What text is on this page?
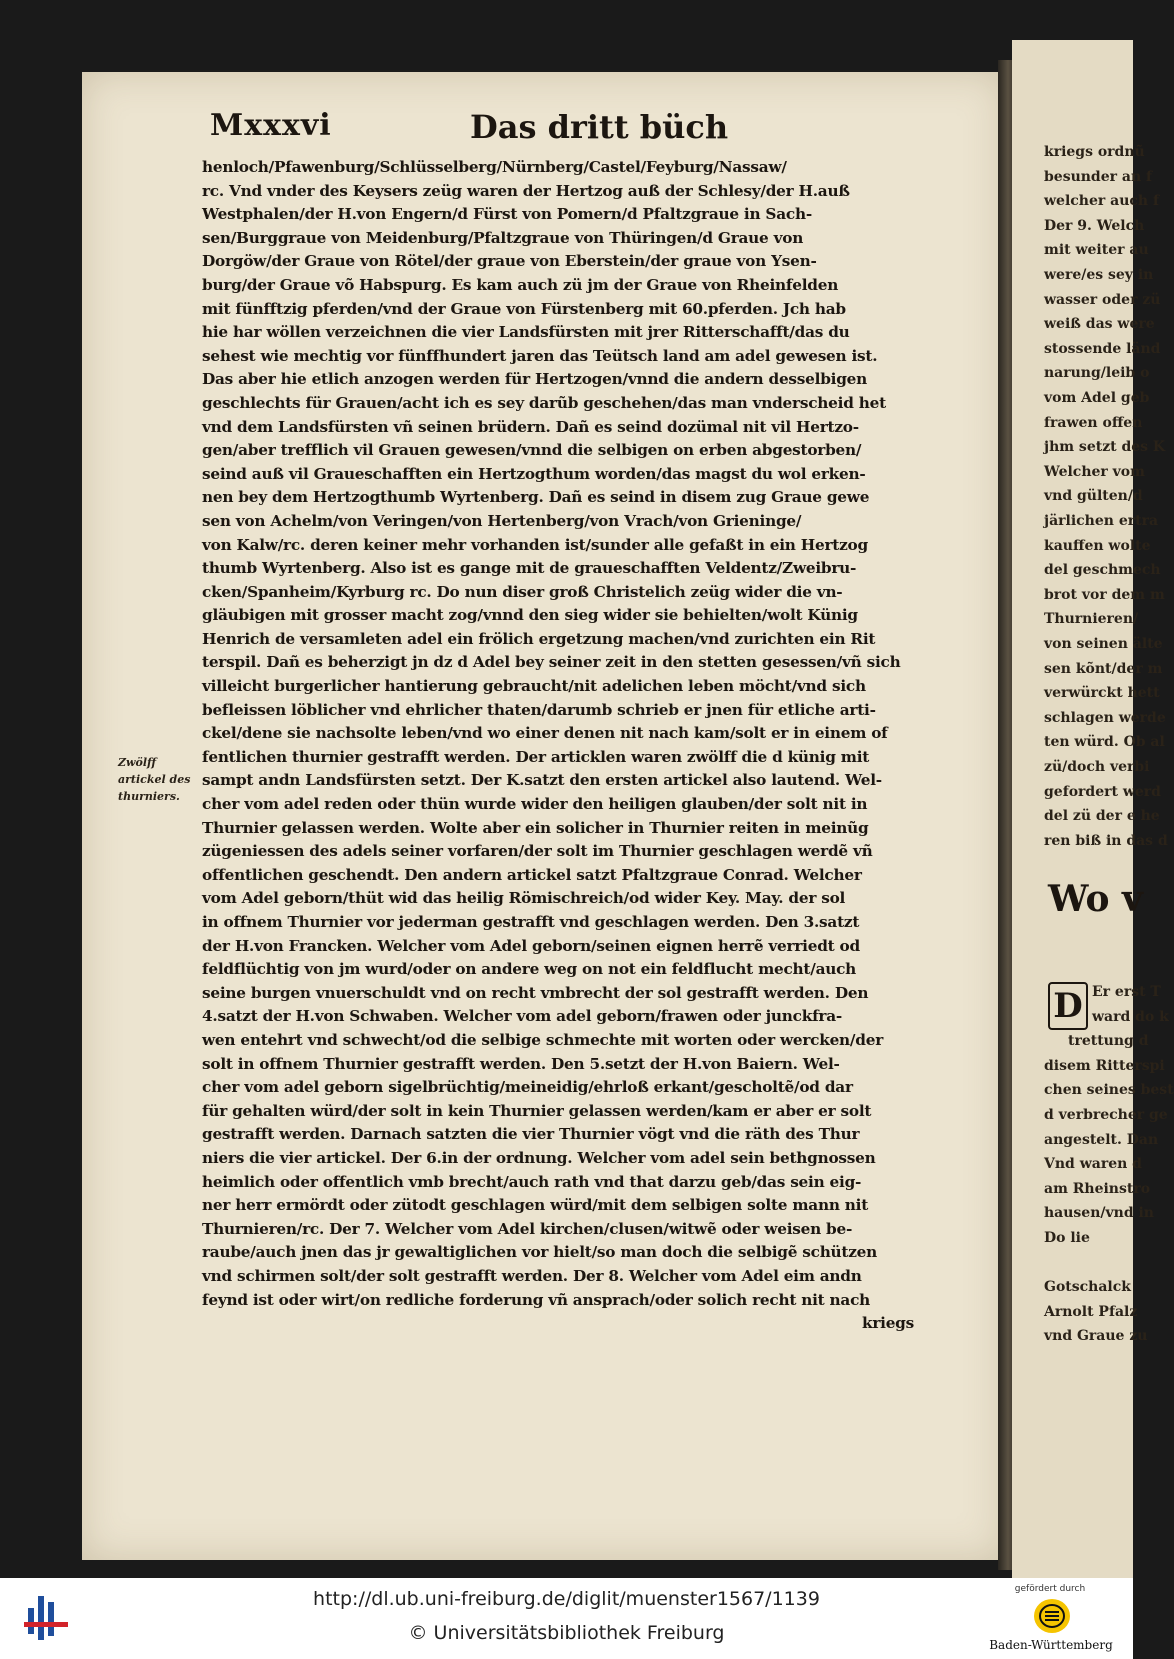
Mxxxvi	Das dritt büch
Zwölff artickel des thurniers.
henloch/Pfawenburg/Schlüsselberg/Nürnberg/Castel/Feyburg/Nassaw/
rc. Vnd vnder des Keysers zeüg waren der Hertzog auß der Schlesy/der H.auß
Westphalen/der H.von Engern/d Fürst von Pomern/d Pfaltzgraue in Sach-
sen/Burggraue von Meidenburg/Pfaltzgraue von Thüringen/d Graue von
Dorgöw/der Graue von Rötel/der graue von Eberstein/der graue von Ysen-
burg/der Graue võ Habspurg. Es kam auch zü jm der Graue von Rheinfelden
mit fünfftzig pferden/vnd der Graue von Fürstenberg mit 60.pferden. Jch hab
hie har wöllen verzeichnen die vier Landsfürsten mit jrer Ritterschafft/das du
sehest wie mechtig vor fünffhundert jaren das Teütsch land am adel gewesen ist.
Das aber hie etlich anzogen werden für Hertzogen/vnnd die andern desselbigen
geschlechts für Grauen/acht ich es sey darũb geschehen/das man vnderscheid het
vnd dem Landsfürsten vñ seinen brüdern. Dañ es seind dozümal nit vil Hertzo-
gen/aber trefflich vil Grauen gewesen/vnnd die selbigen on erben abgestorben/
seind auß vil Graueschafften ein Hertzogthum worden/das magst du wol erken-
nen bey dem Hertzogthumb Wyrtenberg. Dañ es seind in disem zug Graue gewe
sen von Achelm/von Veringen/von Hertenberg/von Vrach/von Grieninge/
von Kalw/rc. deren keiner mehr vorhanden ist/sunder alle gefaßt in ein Hertzog
thumb Wyrtenberg. Also ist es gange mit de graueschafften Veldentz/Zweibru-
cken/Spanheim/Kyrburg rc. Do nun diser groß Christelich zeüg wider die vn-
gläubigen mit grosser macht zog/vnnd den sieg wider sie behielten/wolt Künig
Henrich de versamleten adel ein frölich ergetzung machen/vnd zurichten ein Rit
terspil. Dañ es beherzigt jn dz d Adel bey seiner zeit in den stetten gesessen/vñ sich
villeicht burgerlicher hantierung gebraucht/nit adelichen leben möcht/vnd sich
befleissen löblicher vnd ehrlicher thaten/darumb schrieb er jnen für etliche arti-
ckel/dene sie nachsolte leben/vnd wo einer denen nit nach kam/solt er in einem of
fentlichen thurnier gestrafft werden. Der articklen waren zwölff die d künig mit
sampt andn Landsfürsten setzt. Der K.satzt den ersten artickel also lautend. Wel-
cher vom adel reden oder thün wurde wider den heiligen glauben/der solt nit in
Thurnier gelassen werden. Wolte aber ein solicher in Thurnier reiten in meinũg
zügeniessen des adels seiner vorfaren/der solt im Thurnier geschlagen werdẽ vñ
offentlichen geschendt. Den andern artickel satzt Pfaltzgraue Conrad. Welcher
vom Adel geborn/thüt wid das heilig Römischreich/od wider Key. May. der sol
in offnem Thurnier vor jederman gestrafft vnd geschlagen werden. Den 3.satzt
der H.von Francken. Welcher vom Adel geborn/seinen eignen herrẽ verriedt od
feldflüchtig von jm wurd/oder on andere weg on not ein feldflucht mecht/auch
seine burgen vnuerschuldt vnd on recht vmbrecht der sol gestrafft werden. Den
4.satzt der H.von Schwaben. Welcher vom adel geborn/frawen oder junckfra-
wen entehrt vnd schwecht/od die selbige schmechte mit worten oder wercken/der
solt in offnem Thurnier gestrafft werden. Den 5.setzt der H.von Baiern. Wel-
cher vom adel geborn sigelbrüchtig/meineidig/ehrloß erkant/gescholtẽ/od dar
für gehalten würd/der solt in kein Thurnier gelassen werden/kam er aber er solt
gestrafft werden. Darnach satzten die vier Thurnier vögt vnd die räth des Thur
niers die vier artickel. Der 6.in der ordnung. Welcher vom adel sein bethgnossen
heimlich oder offentlich vmb brecht/auch rath vnd that darzu geb/das sein eig-
ner herr ermördt oder zütodt geschlagen würd/mit dem selbigen solte mann nit
Thurnieren/rc. Der 7. Welcher vom Adel kirchen/clusen/witwẽ oder weisen be-
raube/auch jnen das jr gewaltiglichen vor hielt/so man doch die selbigẽ schützen
vnd schirmen solt/der solt gestrafft werden. Der 8. Welcher vom Adel eim andn
feynd ist oder wirt/on redliche forderung vñ ansprach/oder solich recht nit nach
kriegs
Wo v
D
kriegs ordnũ
besunder an f
welcher auch f
Der 9. Welch
mit weiter au
were/es sey in
wasser oder zü
weiß das were
stossende länd
narung/leib o
vom Adel geb
frawen offen
jhm setzt des K
Welcher vom
vnd gülten/d
järlichen ertra
kauffen wolte
del geschmech
brot vor dem m
Thurnieren/
von seinen älte
sen kõnt/der m
verwürckt hett
schlagen werde
ten würd. Ob al
zü/doch verbi
gefordert werd
del zü der e he
ren biß in das d
Er erst T
ward do k
trettung d
disem Ritterspi
chen seines best
d verbrecher ge
angestelt. Dan
Vnd waren d
am Rheinstro
hausen/vnd in
Do lie
Gotschalck
Arnolt Pfalz
vnd Graue zu
http://dl.ub.uni-freiburg.de/diglit/muenster1567/1139
© Universitätsbibliothek Freiburg
gefördert durch
Baden-Württemberg
